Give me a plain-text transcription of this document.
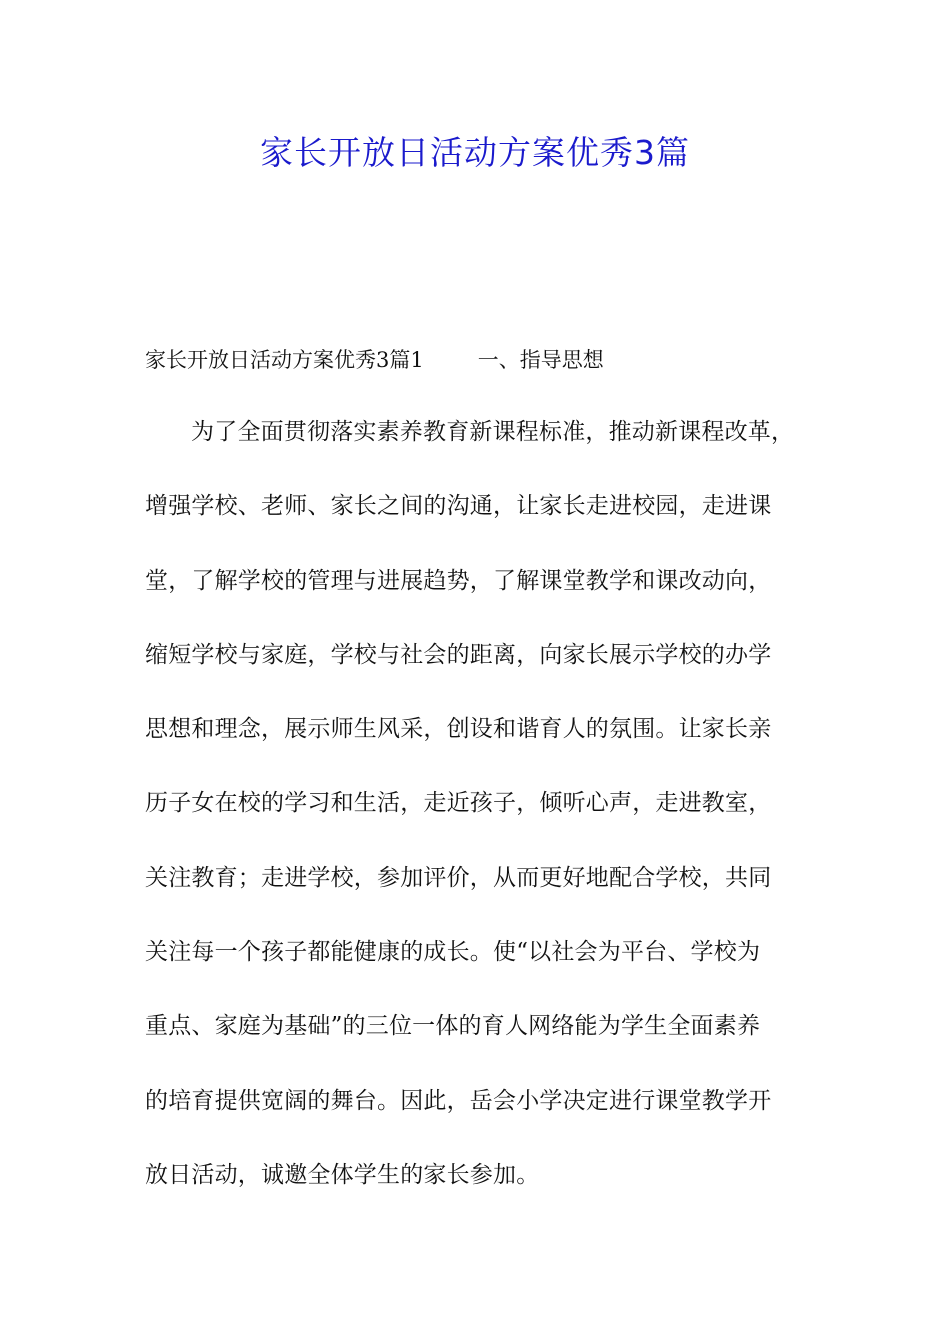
家长开放日活动方案优秀3篇
家长开放日活动方案优秀3篇1	一、指导思想
为了全面贯彻落实素养教育新课程标准，推动新课程改革，
增强学校、老师、家长之间的沟通，让家长走进校园，走进课
堂，了解学校的管理与进展趋势，了解课堂教学和课改动向，
缩短学校与家庭，学校与社会的距离，向家长展示学校的办学
思想和理念，展示师生风采，创设和谐育人的氛围。让家长亲
历子女在校的学习和生活，走近孩子，倾听心声，走进教室，
关注教育；走进学校，参加评价，从而更好地配合学校，共同
关注每一个孩子都能健康的成长。使“以社会为平台、学校为
重点、家庭为基础”的三位一体的育人网络能为学生全面素养
的培育提供宽阔的舞台。因此，岳会小学决定进行课堂教学开
放日活动，诚邀全体学生的家长参加。
